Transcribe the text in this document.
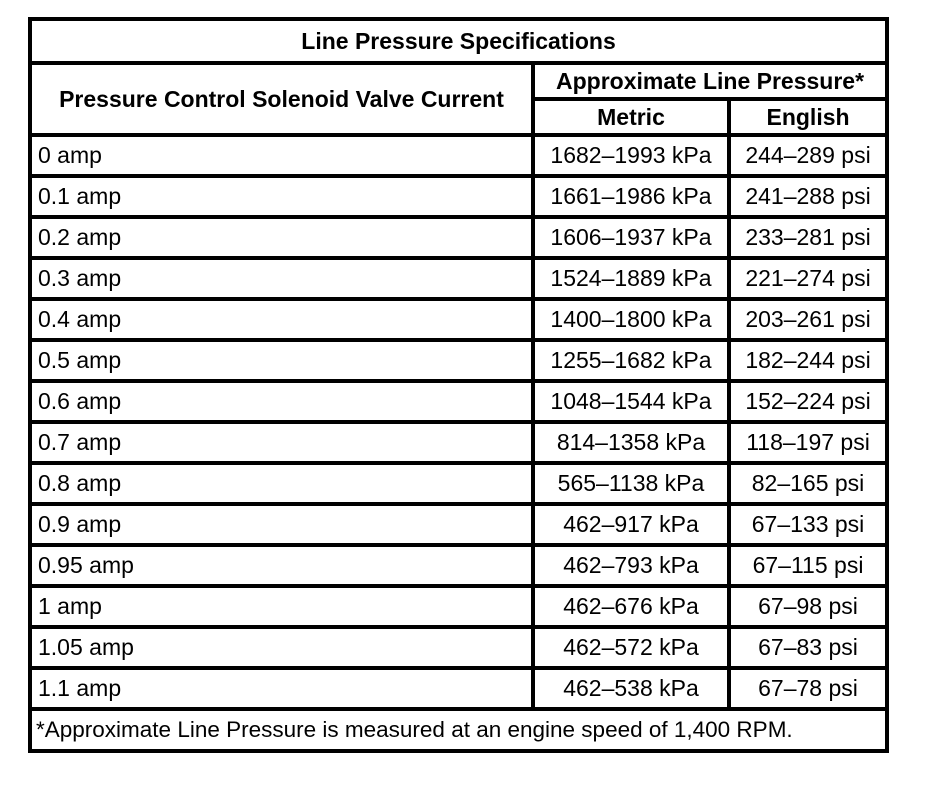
Line Pressure Specifications		
Pressure Control Solenoid Valve Current	Approximate Line Pressure*	
	Metric	English
0 amp	1682–1993 kPa	244–289 psi
0.1 amp	1661–1986 kPa	241–288 psi
0.2 amp	1606–1937 kPa	233–281 psi
0.3 amp	1524–1889 kPa	221–274 psi
0.4 amp	1400–1800 kPa	203–261 psi
0.5 amp	1255–1682 kPa	182–244 psi
0.6 amp	1048–1544 kPa	152–224 psi
0.7 amp	814–1358 kPa	118–197 psi
0.8 amp	565–1138 kPa	82–165 psi
0.9 amp	462–917 kPa	67–133 psi
0.95 amp	462–793 kPa	67–115 psi
1 amp	462–676 kPa	67–98 psi
1.05 amp	462–572 kPa	67–83 psi
1.1 amp	462–538 kPa	67–78 psi
*Approximate Line Pressure is measured at an engine speed of 1,400 RPM.		
